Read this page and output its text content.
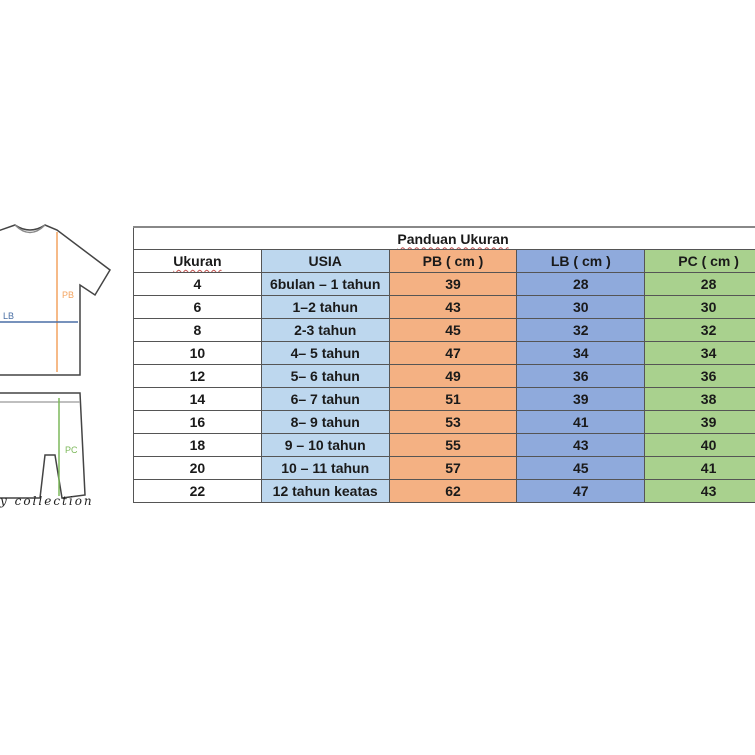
PB
LB
PC
y collection
Panduan Ukuran				
Ukuran	USIA	PB ( cm )	LB ( cm )	PC ( cm )
4	6bulan – 1 tahun	39	28	28
6	1–2 tahun	43	30	30
8	2-3 tahun	45	32	32
10	4– 5 tahun	47	34	34
12	5– 6 tahun	49	36	36
14	6– 7 tahun	51	39	38
16	8– 9 tahun	53	41	39
18	9 – 10 tahun	55	43	40
20	10 – 11 tahun	57	45	41
22	12 tahun keatas	62	47	43
